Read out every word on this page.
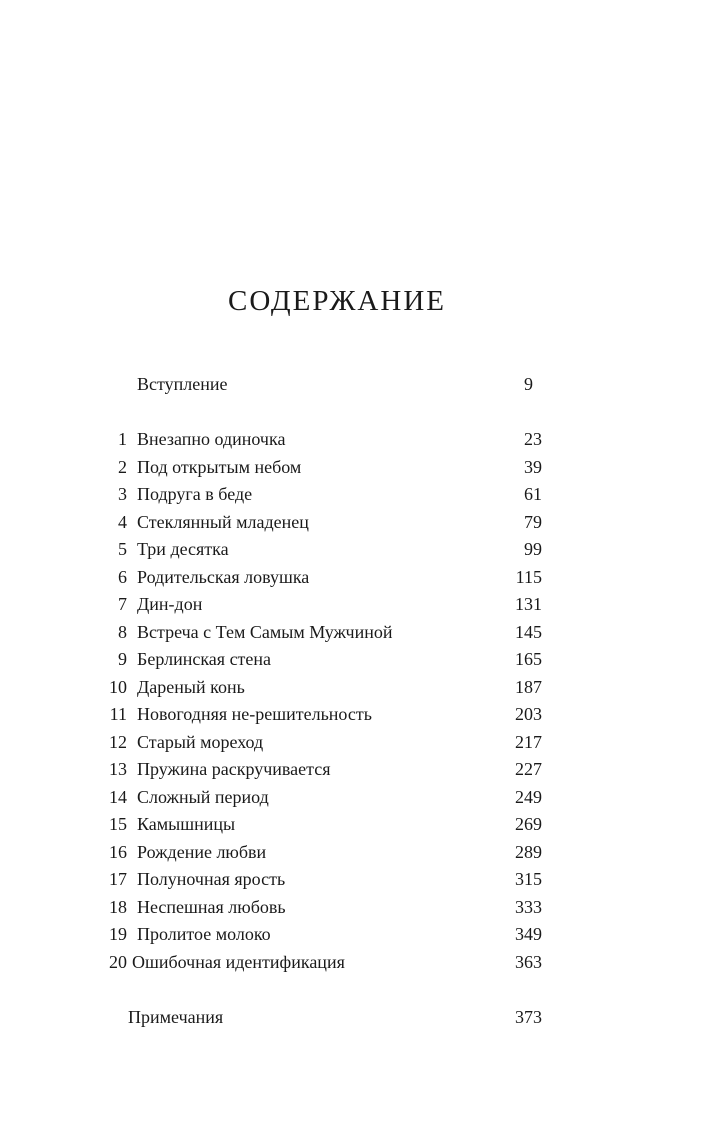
СОДЕРЖАНИЕ
Вступление	9
1 Внезапно одиночка	23
2 Под открытым небом	39
3 Подруга в беде	61
4 Стеклянный младенец	79
5 Три десятка	99
6 Родительская ловушка	115
7 Дин-дон	131
8 Встреча с Тем Самым Мужчиной	145
9 Берлинская стена	165
10 Дареный конь	187
11 Новогодняя не-решительность	203
12 Старый мореход	217
13 Пружина раскручивается	227
14 Сложный период	249
15 Камышницы	269
16 Рождение любви	289
17 Полуночная ярость	315
18 Неспешная любовь	333
19 Пролитое молоко	349
20 Ошибочная идентификация	363
Примечания	373
